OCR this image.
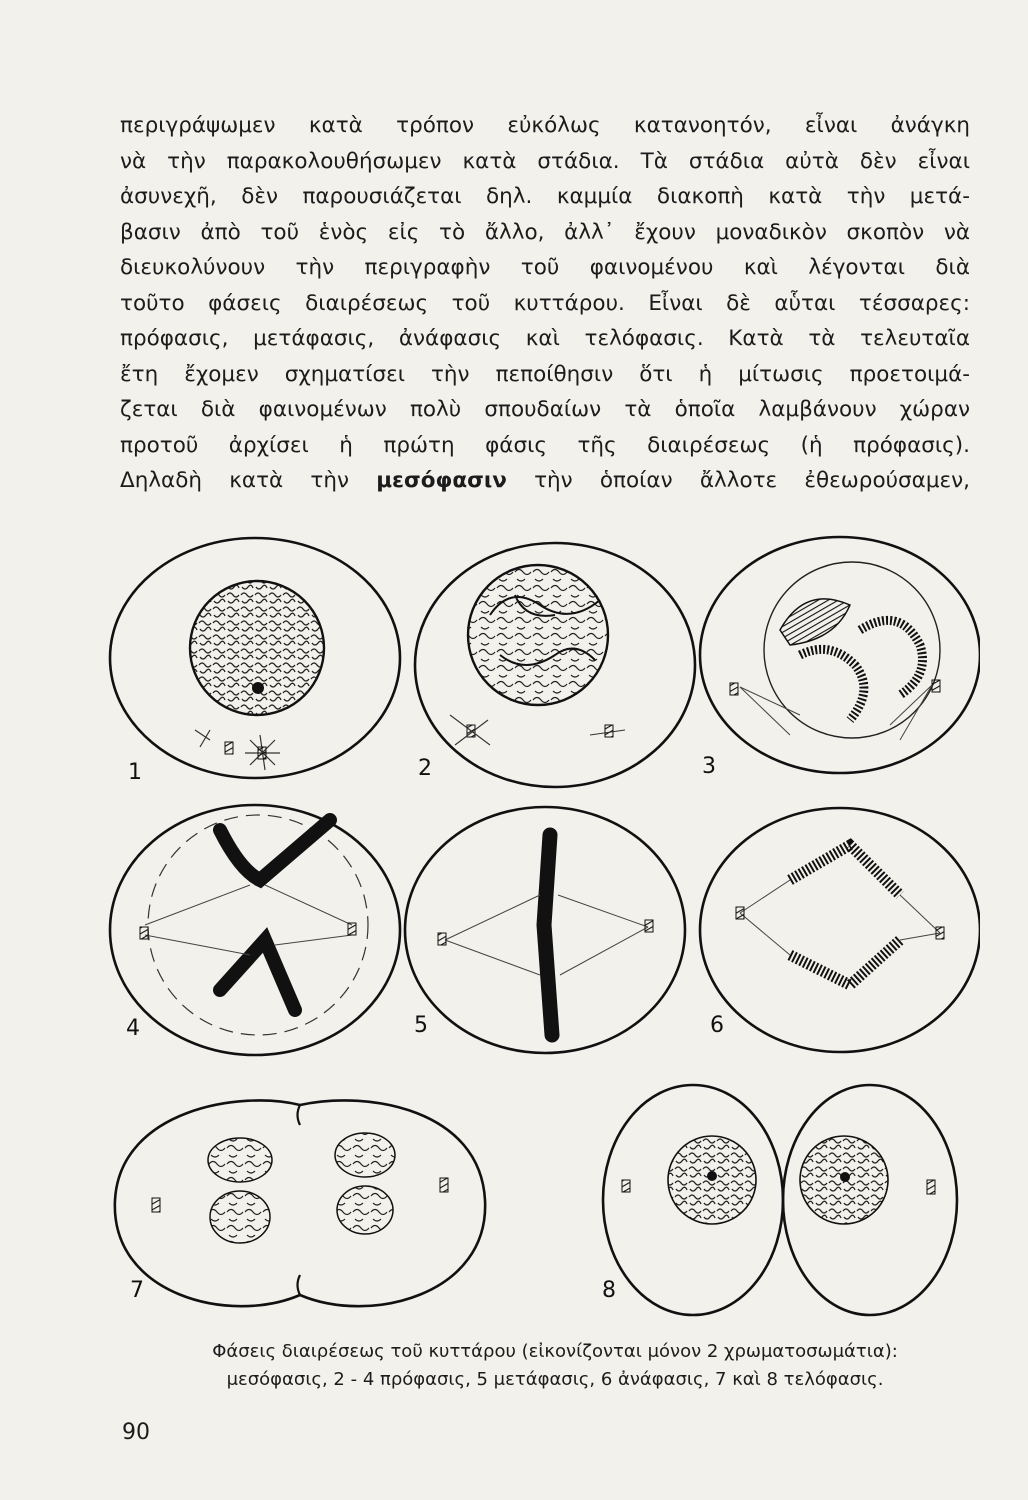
περιγράψωμεν κατὰ τρόπον εὐκόλως κατανοητόν, εἶναι ἀνάγκη
νὰ τὴν παρακολουθήσωμεν κατὰ στάδια. Τὰ στάδια αὐτὰ δὲν εἶναι
ἀσυνεχῆ, δὲν παρουσιάζεται δηλ. καμμία διακοπὴ κατὰ τὴν μετά-
βασιν ἀπὸ τοῦ ἑνὸς εἰς τὸ ἄλλο, ἀλλ᾽ ἔχουν μοναδικὸν σκοπὸν νὰ
διευκολύνουν τὴν περιγραφὴν τοῦ φαινομένου καὶ λέγονται διὰ
τοῦτο φάσεις διαιρέσεως τοῦ κυττάρου. Εἶναι δὲ αὗται τέσσαρες:
πρόφασις, μετάφασις, ἀνάφασις καὶ τελόφασις. Κατὰ τὰ τελευταῖα
ἔτη ἔχομεν σχηματίσει τὴν πεποίθησιν ὅτι ἡ μίτωσις προετοιμά-
ζεται διὰ φαινομένων πολὺ σπουδαίων τὰ ὁποῖα λαμβάνουν χώραν
προτοῦ ἀρχίσει ἡ πρώτη φάσις τῆς διαιρέσεως (ἡ πρόφασις).
Δηλαδὴ κατὰ τὴν μεσόφασιν τὴν ὁποίαν ἄλλοτε ἐθεωρούσαμεν,
1	2	3
4	5	6
7	8
Φάσεις διαιρέσεως τοῦ κυττάρου (εἰκονίζονται μόνον 2 χρωματοσωμάτια):
μεσόφασις, 2 - 4 πρόφασις, 5 μετάφασις, 6 ἀνάφασις, 7 καὶ 8 τελόφασις.
90
